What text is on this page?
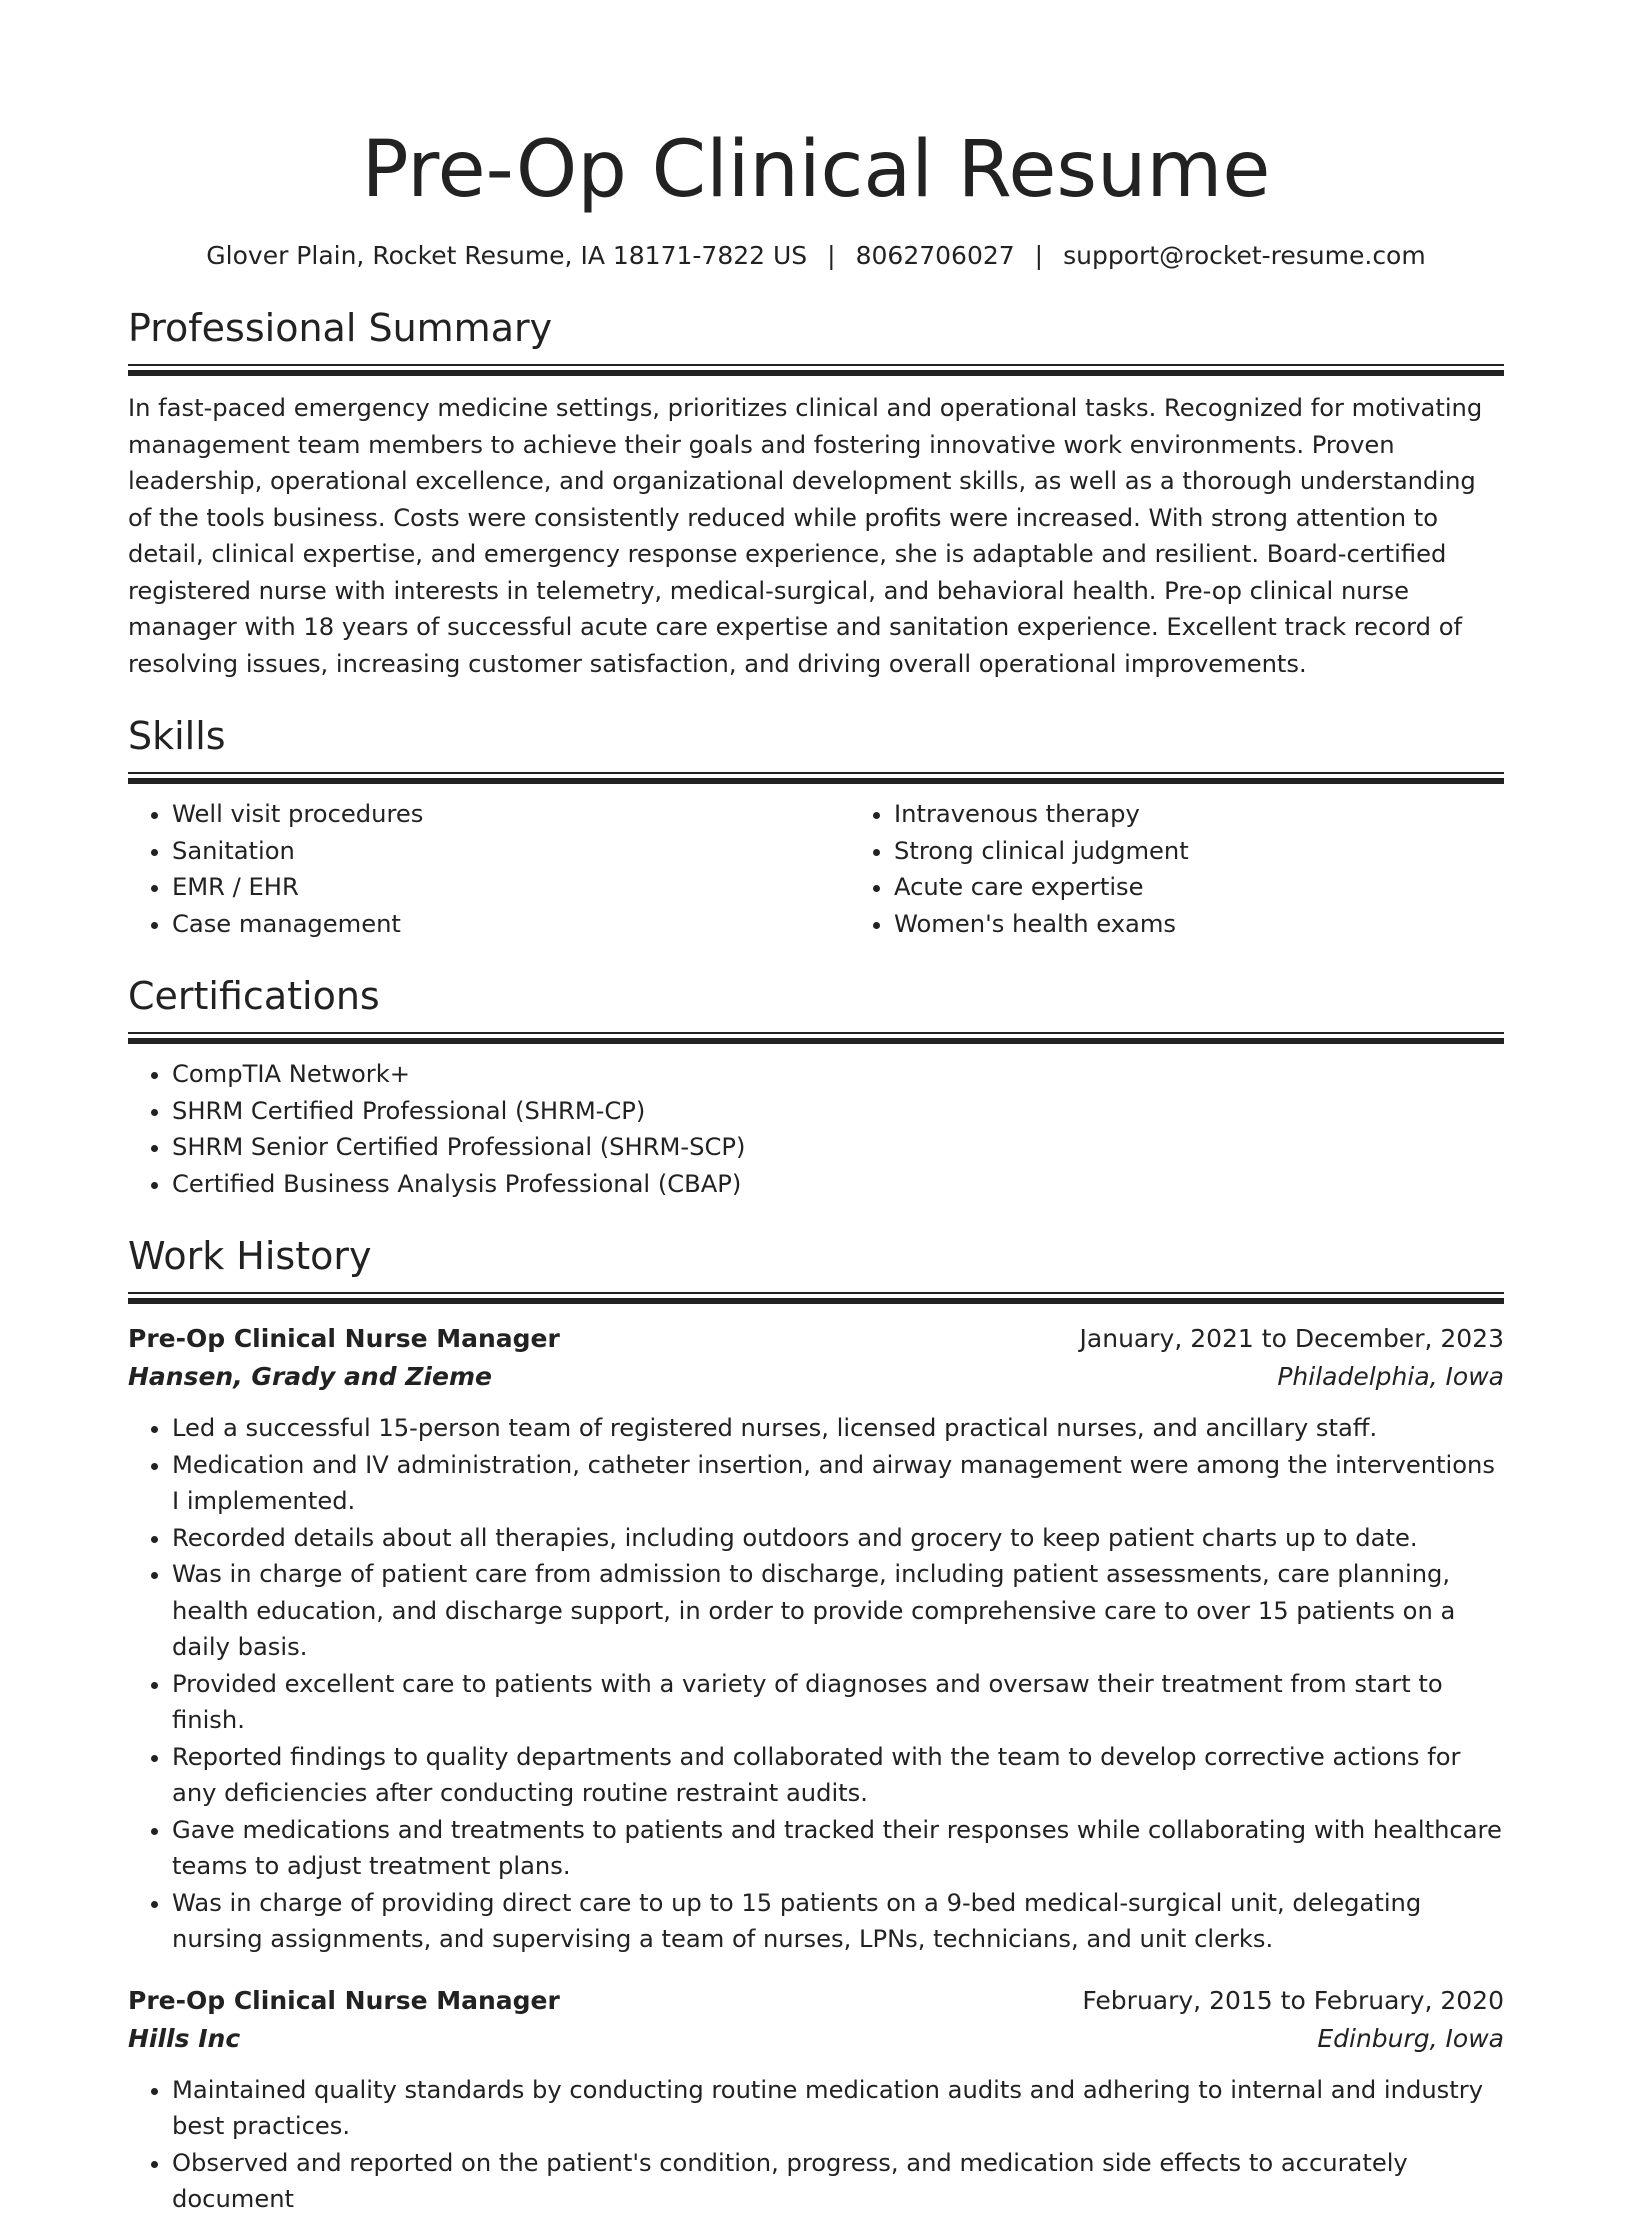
Pre-Op Clinical Resume
Glover Plain, Rocket Resume, IA 18171-7822 US | 8062706027 | support@rocket-resume.com
Professional Summary

In fast-paced emergency medicine settings, prioritizes clinical and operational tasks. Recognized for motivating management team members to achieve their goals and fostering innovative work environments. Proven leadership, operational excellence, and organizational development skills, as well as a thorough understanding of the tools business. Costs were consistently reduced while profits were increased. With strong attention to detail, clinical expertise, and emergency response experience, she is adaptable and resilient. Board-certified registered nurse with interests in telemetry, medical-surgical, and behavioral health. Pre-op clinical nurse manager with 18 years of successful acute care expertise and sanitation experience. Excellent track record of resolving issues, increasing customer satisfaction, and driving overall operational improvements.

Skills
• Well visit procedures
• Sanitation
• EMR / EHR
• Case management
• Intravenous therapy
• Strong clinical judgment
• Acute care expertise
• Women's health exams
Certifications
• CompTIA Network+
• SHRM Certified Professional (SHRM-CP)
• SHRM Senior Certified Professional (SHRM-SCP)
• Certified Business Analysis Professional (CBAP)
Work History
Pre-Op Clinical Nurse Manager	January, 2021 to December, 2023
Hansen, Grady and Zieme	Philadelphia, Iowa
• Led a successful 15-person team of registered nurses, licensed practical nurses, and ancillary staff.
• Medication and IV administration, catheter insertion, and airway management were among the interventions I implemented.
• Recorded details about all therapies, including outdoors and grocery to keep patient charts up to date.
• Was in charge of patient care from admission to discharge, including patient assessments, care planning, health education, and discharge support, in order to provide comprehensive care to over 15 patients on a daily basis.
• Provided excellent care to patients with a variety of diagnoses and oversaw their treatment from start to finish.
• Reported findings to quality departments and collaborated with the team to develop corrective actions for any deficiencies after conducting routine restraint audits.
• Gave medications and treatments to patients and tracked their responses while collaborating with healthcare teams to adjust treatment plans.
• Was in charge of providing direct care to up to 15 patients on a 9-bed medical-surgical unit, delegating nursing assignments, and supervising a team of nurses, LPNs, technicians, and unit clerks.
Pre-Op Clinical Nurse Manager	February, 2015 to February, 2020
Hills Inc	Edinburg, Iowa
• Maintained quality standards by conducting routine medication audits and adhering to internal and industry best practices.
• Observed and reported on the patient's condition, progress, and medication side effects to accurately document
